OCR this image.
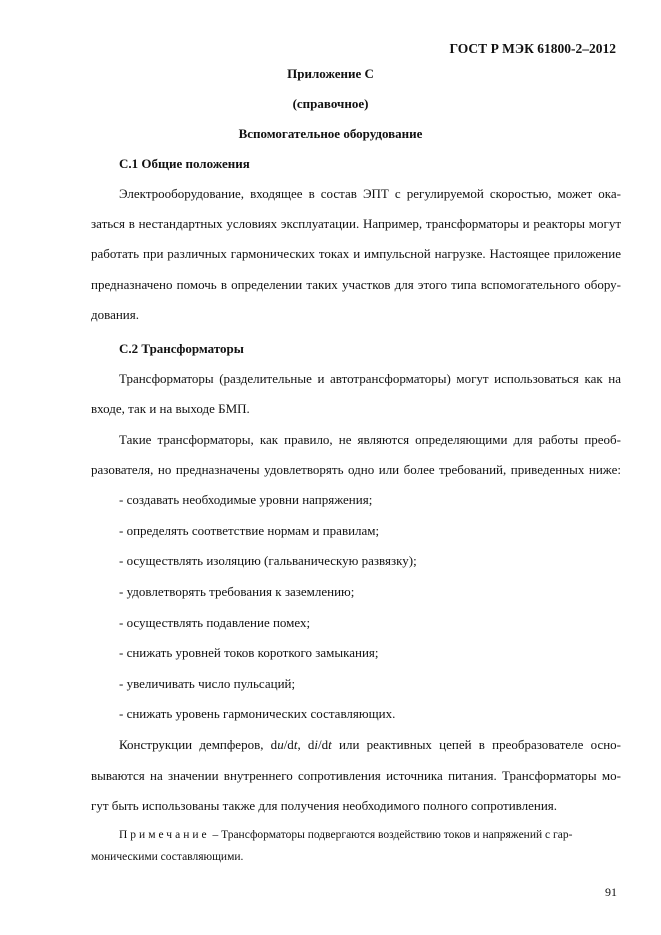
ГОСТ Р МЭК 61800-2–2012
Приложение С
(справочное)
Вспомогательное оборудование
С.1 Общие положения
Электрооборудование, входящее в состав ЭПТ с регулируемой скоростью, может ока-
заться в нестандартных условиях эксплуатации. Например, трансформаторы и реакторы могут
работать при различных гармонических токах и импульсной нагрузке. Настоящее приложение
предназначено помочь в определении таких участков для этого типа вспомогательного обору-
дования.
С.2 Трансформаторы
Трансформаторы (разделительные и автотрансформаторы) могут использоваться как на
входе, так и на выходе БМП.
Такие трансформаторы, как правило, не являются определяющими для работы преоб-
разователя, но предназначены удовлетворять одно или более требований, приведенных ниже:
- создавать необходимые уровни напряжения;
- определять соответствие нормам и правилам;
- осуществлять изоляцию (гальваническую развязку);
- удовлетворять требования к заземлению;
- осуществлять подавление помех;
- снижать уровней токов короткого замыкания;
- увеличивать число пульсаций;
- снижать уровень гармонических составляющих.
Конструкции демпферов, du/dt, di/dt или реактивных цепей в преобразователе осно-
вываются на значении внутреннего сопротивления источника питания. Трансформаторы мо-
гут быть использованы также для получения необходимого полного сопротивления.
Примечание – Трансформаторы подвергаются воздействию токов и напряжений с гар-
моническими составляющими.
91
